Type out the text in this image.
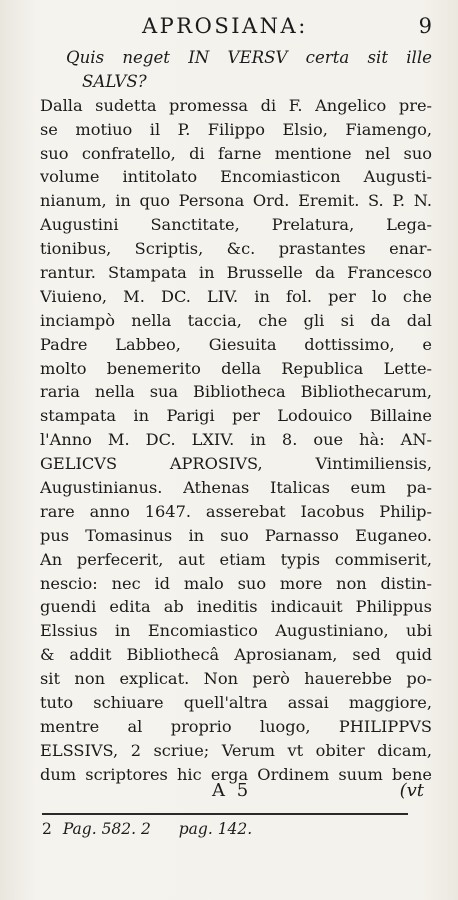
APROSIANA:	9
Quis neget IN VERSV certa sit ille
SALVS?
Dalla sudetta promessa di F. Angelico pre-
se motiuo il P. Filippo Elsio, Fiamengo,
suo confratello, di farne mentione nel suo
volume intitolato Encomiasticon Augusti-
nianum, in quo Persona Ord. Eremit. S. P. N.
Augustini Sanctitate, Prelatura, Lega-
tionibus, Scriptis, &c. prastantes enar-
rantur. Stampata in Brusselle da Francesco
Viuieno, M. DC. LIV. in fol. per lo che
inciampò nella taccia, che gli si da dal
Padre Labbeo, Giesuita dottissimo, e
molto benemerito della Republica Lette-
raria nella sua Bibliotheca Bibliothecarum,
stampata in Parigi per Lodouico Billaine
l'Anno M. DC. LXIV. in 8. oue hà: AN-
GELICVS APROSIVS, Vintimiliensis,
Augustinianus. Athenas Italicas eum pa-
rare anno 1647. asserebat Iacobus Philip-
pus Tomasinus in suo Parnasso Euganeo.
An perfecerit, aut etiam typis commiserit,
nescio: nec id malo suo more non distin-
guendi edita ab ineditis indicauit Philippus
Elssius in Encomiastico Augustiniano, ubi
& addit Bibliothecâ Aprosianam, sed quid
sit non explicat. Non però hauerebbe po-
tuto schiuare quell'altra assai maggiore,
mentre al proprio luogo, PHILIPPVS
ELSSIVS, 2 scriue; Verum vt obiter dicam,
dum scriptores hic erga Ordinem suum bene
A 5	(vt
2 Pag. 582. 2 pag. 142.
